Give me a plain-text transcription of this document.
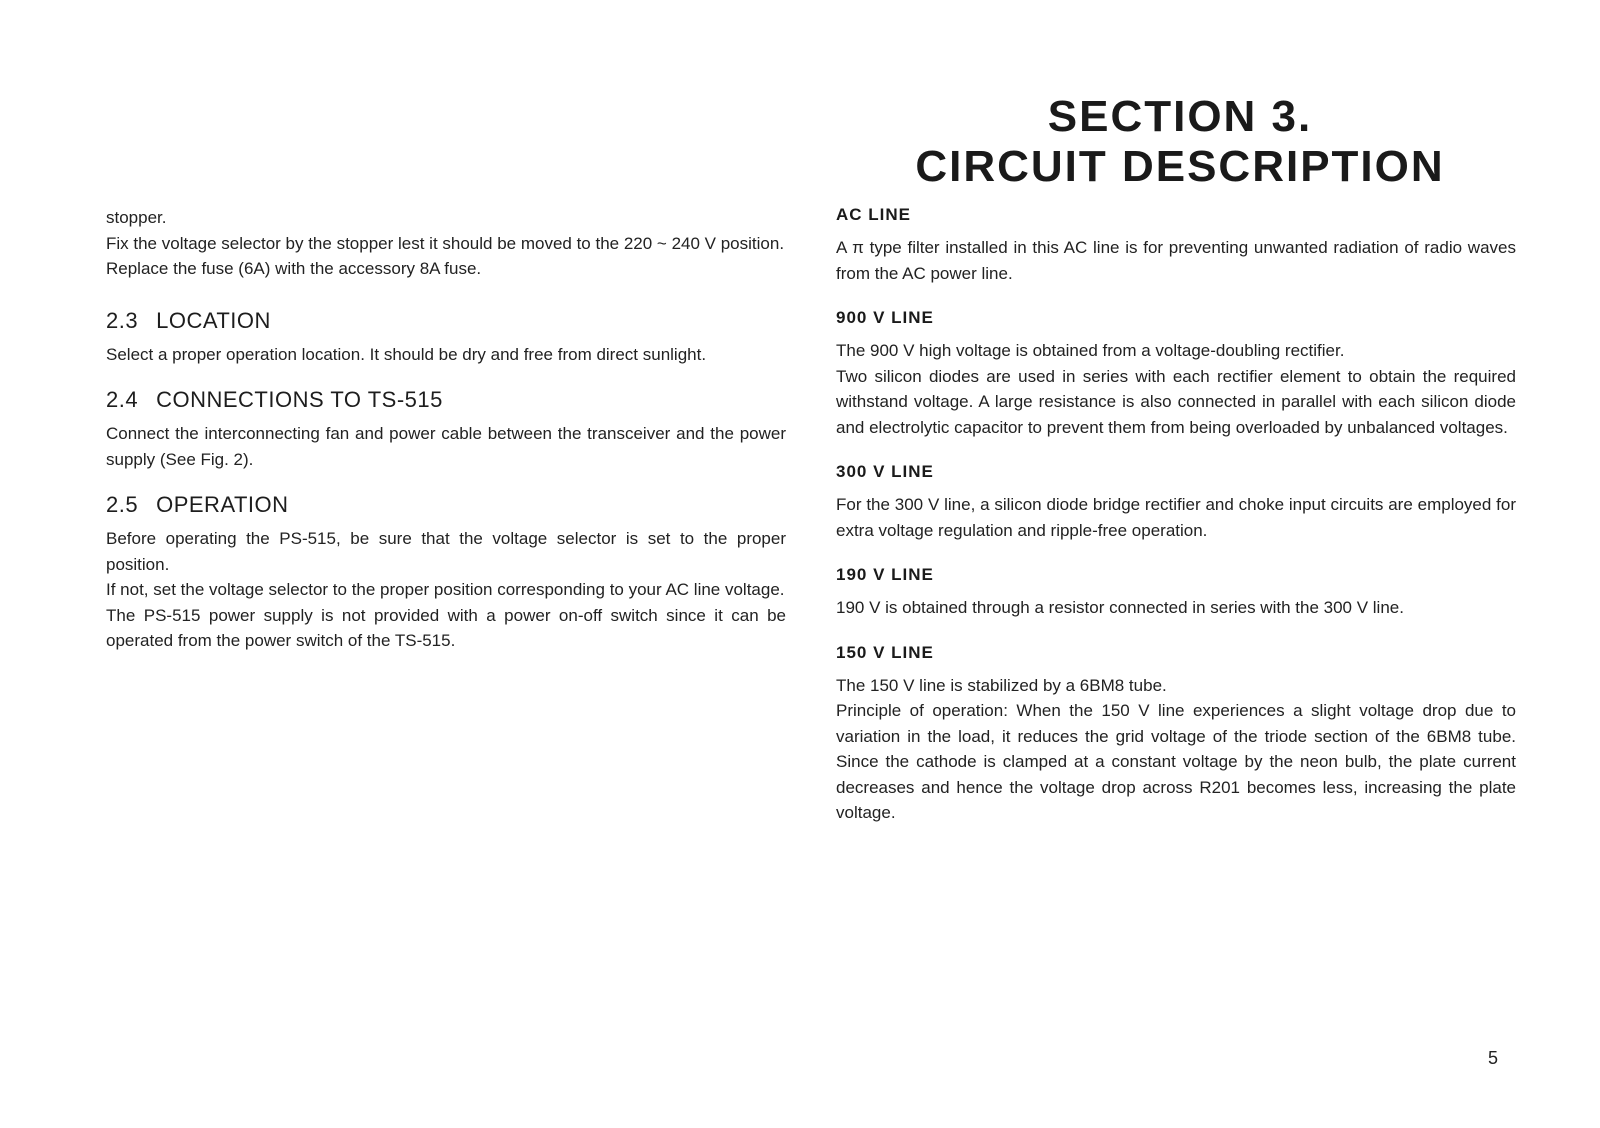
SECTION 3.
CIRCUIT DESCRIPTION

stopper.

Fix the voltage selector by the stopper lest it should be moved to the 220 ~ 240 V position.

Replace the fuse (6A) with the accessory 8A fuse.

2.3 LOCATION

Select a proper operation location. It should be dry and free from direct sunlight.

2.4 CONNECTIONS TO TS-515

Connect the interconnecting fan and power cable between the transceiver and the power supply (See Fig. 2).

2.5 OPERATION

Before operating the PS-515, be sure that the voltage selector is set to the proper position.

If not, set the voltage selector to the proper position corresponding to your AC line voltage.

The PS-515 power supply is not provided with a power on-off switch since it can be operated from the power switch of the TS-515.

AC LINE

A π type filter installed in this AC line is for preventing unwanted radiation of radio waves from the AC power line.

900 V LINE

The 900 V high voltage is obtained from a voltage-doubling rectifier.

Two silicon diodes are used in series with each rectifier element to obtain the required withstand voltage. A large resistance is also connected in parallel with each silicon diode and electrolytic capacitor to prevent them from being overloaded by unbalanced voltages.

300 V LINE

For the 300 V line, a silicon diode bridge rectifier and choke input circuits are employed for extra voltage regulation and ripple-free operation.

190 V LINE

190 V is obtained through a resistor connected in series with the 300 V line.

150 V LINE

The 150 V line is stabilized by a 6BM8 tube.

Principle of operation: When the 150 V line experiences a slight voltage drop due to variation in the load, it reduces the grid voltage of the triode section of the 6BM8 tube. Since the cathode is clamped at a constant voltage by the neon bulb, the plate current decreases and hence the voltage drop across R201 becomes less, increasing the plate voltage.

5
